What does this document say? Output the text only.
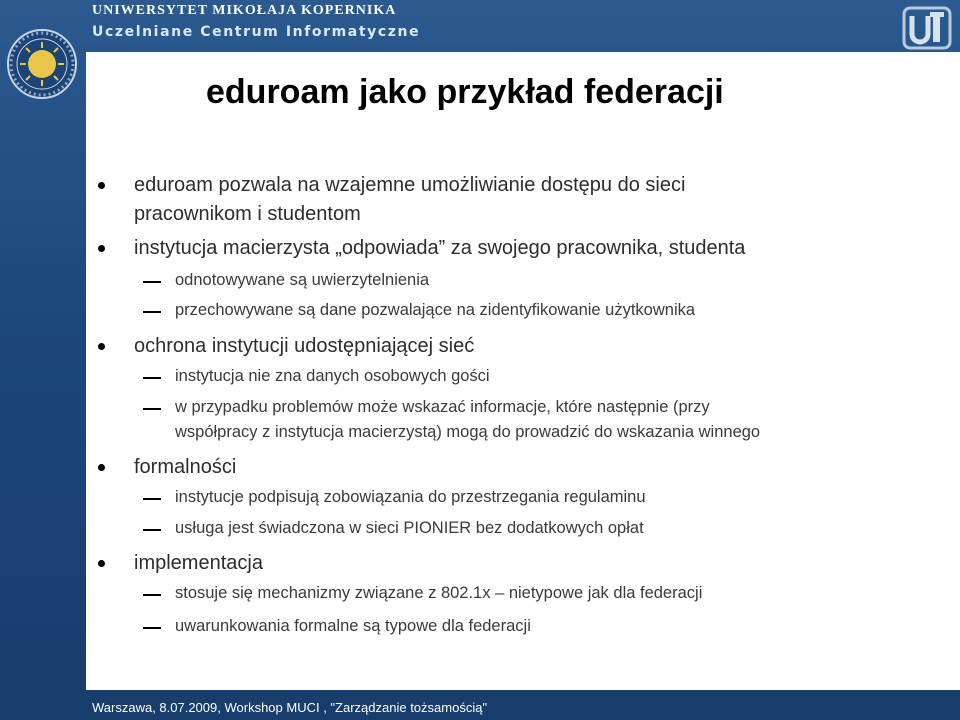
UNIWERSYTET MIKOŁAJA KOPERNIKA
Uczelniane Centrum Informatyczne
eduroam jako przykład federacji
eduroam pozwala na wzajemne umożliwianie dostępu do sieci
pracownikom i studentom
instytucja macierzysta „odpowiada” za swojego pracownika, studenta
odnotowywane są uwierzytelnienia
przechowywane są dane pozwalające na zidentyfikowanie użytkownika
ochrona instytucji udostępniającej sieć
instytucja nie zna danych osobowych gości
w przypadku problemów może wskazać informacje, które następnie (przy
współpracy z instytucja macierzystą) mogą do prowadzić do wskazania winnego
formalności
instytucje podpisują zobowiązania do przestrzegania regulaminu
usługa jest świadczona w sieci PIONIER bez dodatkowych opłat
implementacja
stosuje się mechanizmy związane z 802.1x – nietypowe jak dla federacji
uwarunkowania formalne są typowe dla federacji
Warszawa, 8.07.2009, Workshop MUCI , "Zarządzanie tożsamością"
